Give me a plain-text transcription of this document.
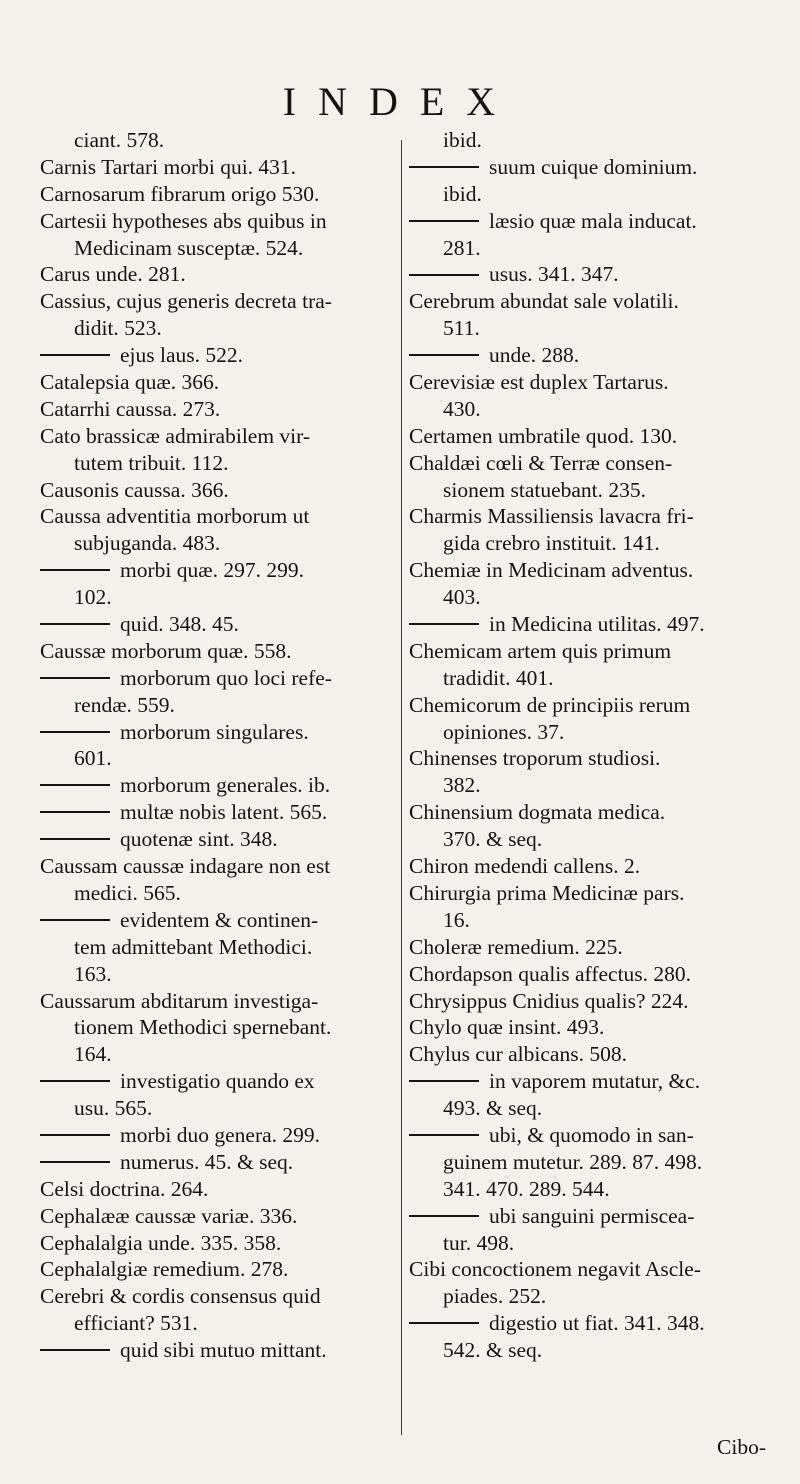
INDEX
ciant. 578.
Carnis Tartari morbi qui. 431.
Carnosarum fibrarum origo 530.
Cartesii hypotheses abs quibus in
Medicinam susceptæ. 524.
Carus unde. 281.
Cassius, cujus generis decreta tra-
didit. 523.
ejus laus. 522.
Catalepsia quæ. 366.
Catarrhi caussa. 273.
Cato brassicæ admirabilem vir-
tutem tribuit. 112.
Causonis caussa. 366.
Caussa adventitia morborum ut
subjuganda. 483.
morbi quæ. 297. 299.
102.
quid. 348. 45.
Caussæ morborum quæ. 558.
morborum quo loci refe-
rendæ. 559.
morborum singulares.
601.
morborum generales. ib.
multæ nobis latent. 565.
quotenæ sint. 348.
Caussam caussæ indagare non est
medici. 565.
evidentem & continen-
tem admittebant Methodici.
163.
Caussarum abditarum investiga-
tionem Methodici spernebant.
164.
investigatio quando ex
usu. 565.
morbi duo genera. 299.
numerus. 45. & seq.
Celsi doctrina. 264.
Cephalææ caussæ variæ. 336.
Cephalalgia unde. 335. 358.
Cephalalgiæ remedium. 278.
Cerebri & cordis consensus quid
efficiant? 531.
quid sibi mutuo mittant.
ibid.
suum cuique dominium.
ibid.
læsio quæ mala inducat.
281.
usus. 341. 347.
Cerebrum abundat sale volatili.
511.
unde. 288.
Cerevisiæ est duplex Tartarus.
430.
Certamen umbratile quod. 130.
Chaldæi cœli & Terræ consen-
sionem statuebant. 235.
Charmis Massiliensis lavacra fri-
gida crebro instituit. 141.
Chemiæ in Medicinam adventus.
403.
in Medicina utilitas. 497.
Chemicam artem quis primum
tradidit. 401.
Chemicorum de principiis rerum
opiniones. 37.
Chinenses troporum studiosi.
382.
Chinensium dogmata medica.
370. & seq.
Chiron medendi callens. 2.
Chirurgia prima Medicinæ pars.
16.
Choleræ remedium. 225.
Chordapson qualis affectus. 280.
Chrysippus Cnidius qualis? 224.
Chylo quæ insint. 493.
Chylus cur albicans. 508.
in vaporem mutatur, &c.
493. & seq.
ubi, & quomodo in san-
guinem mutetur. 289. 87. 498.
341. 470. 289. 544.
ubi sanguini permiscea-
tur. 498.
Cibi concoctionem negavit Ascle-
piades. 252.
digestio ut fiat. 341. 348.
542. & seq.
Cibo-
